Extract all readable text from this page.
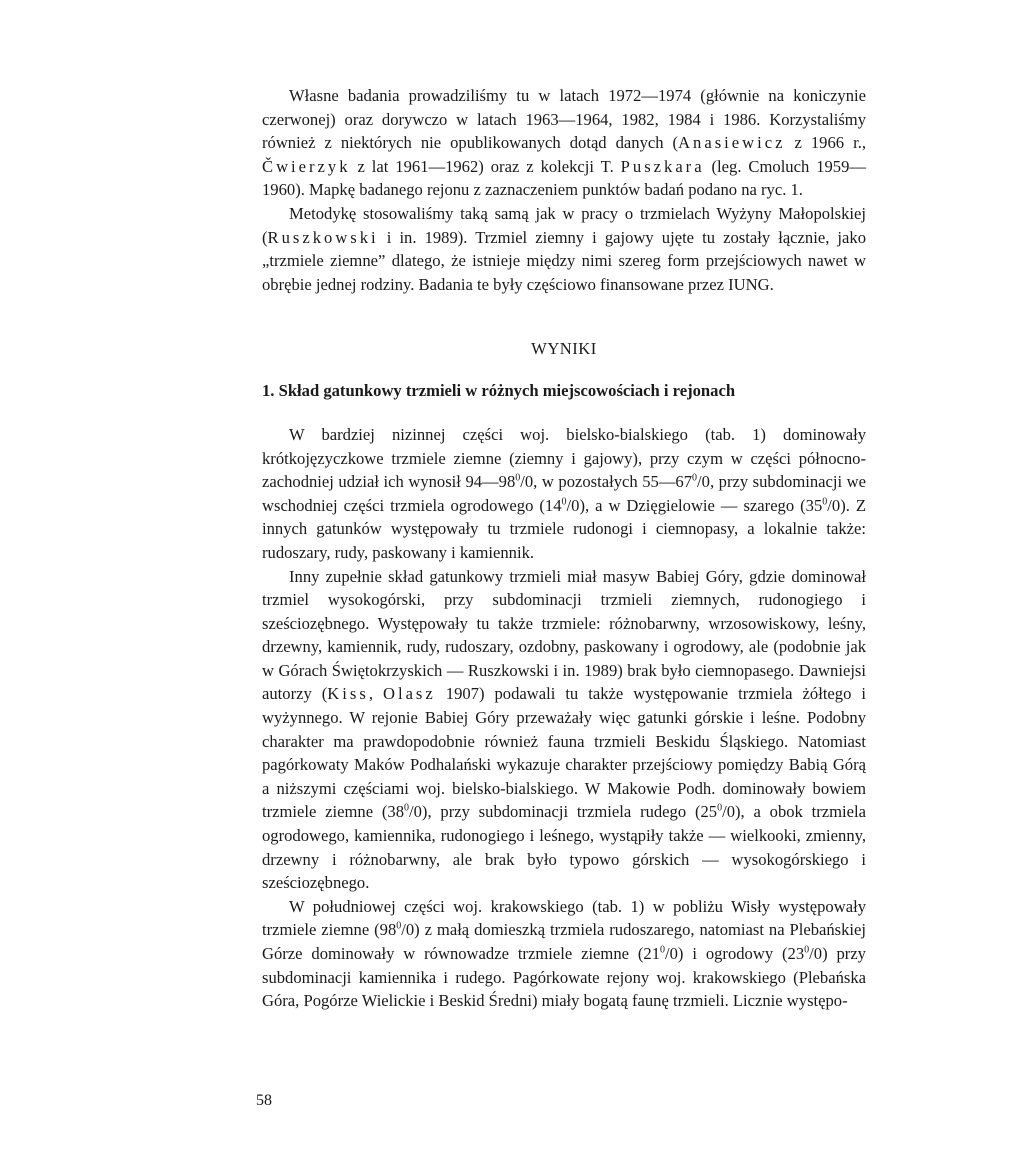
Własne badania prowadziliśmy tu w latach 1972—1974 (głównie na koniczynie czerwonej) oraz dorywczo w latach 1963—1964, 1982, 1984 i 1986. Korzystaliśmy również z niektórych nie opublikowanych dotąd danych (Anasiewicz z 1966 r., Čwierzyk z lat 1961—1962) oraz z kolekcji T. Puszkara (leg. Cmoluch 1959—1960). Mapkę badanego rejonu z zaznaczeniem punktów badań podano na ryc. 1.

Metodykę stosowaliśmy taką samą jak w pracy o trzmielach Wyżyny Małopolskiej (Ruszkowski i in. 1989). Trzmiel ziemny i gajowy ujęte tu zostały łącznie, jako „trzmiele ziemne” dlatego, że istnieje między nimi szereg form przejściowych nawet w obrębie jednej rodziny. Badania te były częściowo finansowane przez IUNG.

WYNIKI

1. Skład gatunkowy trzmieli w różnych miejscowościach i rejonach

W bardziej nizinnej części woj. bielsko-bialskiego (tab. 1) dominowały krótkojęzyczkowe trzmiele ziemne (ziemny i gajowy), przy czym w części północno-zachodniej udział ich wynosił $94—98^0/0$, w pozostałych $55—67^0/0$, przy subdominacji we wschodniej części trzmiela ogrodowego $(14^0/0)$, a w Dzięgielowie — szarego $(35^0/0)$. Z innych gatunków występowały tu trzmiele rudonogi i ciemnopasy, a lokalnie także: rudoszary, rudy, paskowany i kamiennik.

Inny zupełnie skład gatunkowy trzmieli miał masyw Babiej Góry, gdzie dominował trzmiel wysokogórski, przy subdominacji trzmieli ziemnych, rudonogiego i sześciozębnego. Występowały tu także trzmiele: różnobarwny, wrzosowiskowy, leśny, drzewny, kamiennik, rudy, rudoszary, ozdobny, paskowany i ogrodowy, ale (podobnie jak w Górach Świętokrzyskich — Ruszkowski i in. 1989) brak było ciemnopasego. Dawniejsi autorzy (Kiss, Olasz 1907) podawali tu także występowanie trzmiela żółtego i wyżynnego. W rejonie Babiej Góry przeważały więc gatunki górskie i leśne. Podobny charakter ma prawdopodobnie również fauna trzmieli Beskidu Śląskiego. Natomiast pagórkowaty Maków Podhalański wykazuje charakter przejściowy pomiędzy Babią Górą a niższymi częściami woj. bielsko-bialskiego. W Makowie Podh. dominowały bowiem trzmiele ziemne $(38^0/0)$, przy subdominacji trzmiela rudego $(25^0/0)$, a obok trzmiela ogrodowego, kamiennika, rudonogiego i leśnego, wystąpiły także — wielkooki, zmienny, drzewny i różnobarwny, ale brak było typowo górskich — wysokogórskiego i sześciozębnego.

W południowej części woj. krakowskiego (tab. 1) w pobliżu Wisły występowały trzmiele ziemne $(98^0/0)$ z małą domieszką trzmiela rudoszarego, natomiast na Plebańskiej Górze dominowały w równowadze trzmiele ziemne $(21^0/0)$ i ogrodowy $(23^0/0)$ przy subdominacji kamiennika i rudego. Pagórkowate rejony woj. krakowskiego (Plebańska Góra, Pogórze Wielickie i Beskid Średni) miały bogatą faunę trzmieli. Licznie występo-

58
